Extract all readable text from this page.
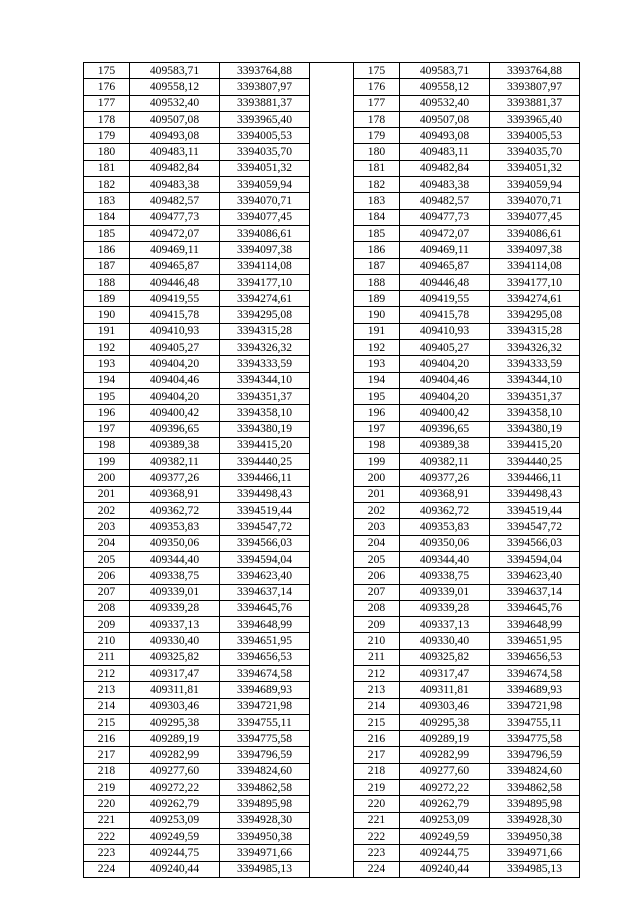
175	409583,71	3393764,88		175	409583,71	3393764,88
176	409558,12	3393807,97		176	409558,12	3393807,97
177	409532,40	3393881,37		177	409532,40	3393881,37
178	409507,08	3393965,40		178	409507,08	3393965,40
179	409493,08	3394005,53		179	409493,08	3394005,53
180	409483,11	3394035,70		180	409483,11	3394035,70
181	409482,84	3394051,32		181	409482,84	3394051,32
182	409483,38	3394059,94		182	409483,38	3394059,94
183	409482,57	3394070,71		183	409482,57	3394070,71
184	409477,73	3394077,45		184	409477,73	3394077,45
185	409472,07	3394086,61		185	409472,07	3394086,61
186	409469,11	3394097,38		186	409469,11	3394097,38
187	409465,87	3394114,08		187	409465,87	3394114,08
188	409446,48	3394177,10		188	409446,48	3394177,10
189	409419,55	3394274,61		189	409419,55	3394274,61
190	409415,78	3394295,08		190	409415,78	3394295,08
191	409410,93	3394315,28		191	409410,93	3394315,28
192	409405,27	3394326,32		192	409405,27	3394326,32
193	409404,20	3394333,59		193	409404,20	3394333,59
194	409404,46	3394344,10		194	409404,46	3394344,10
195	409404,20	3394351,37		195	409404,20	3394351,37
196	409400,42	3394358,10		196	409400,42	3394358,10
197	409396,65	3394380,19		197	409396,65	3394380,19
198	409389,38	3394415,20		198	409389,38	3394415,20
199	409382,11	3394440,25		199	409382,11	3394440,25
200	409377,26	3394466,11		200	409377,26	3394466,11
201	409368,91	3394498,43		201	409368,91	3394498,43
202	409362,72	3394519,44		202	409362,72	3394519,44
203	409353,83	3394547,72		203	409353,83	3394547,72
204	409350,06	3394566,03		204	409350,06	3394566,03
205	409344,40	3394594,04		205	409344,40	3394594,04
206	409338,75	3394623,40		206	409338,75	3394623,40
207	409339,01	3394637,14		207	409339,01	3394637,14
208	409339,28	3394645,76		208	409339,28	3394645,76
209	409337,13	3394648,99		209	409337,13	3394648,99
210	409330,40	3394651,95		210	409330,40	3394651,95
211	409325,82	3394656,53		211	409325,82	3394656,53
212	409317,47	3394674,58		212	409317,47	3394674,58
213	409311,81	3394689,93		213	409311,81	3394689,93
214	409303,46	3394721,98		214	409303,46	3394721,98
215	409295,38	3394755,11		215	409295,38	3394755,11
216	409289,19	3394775,58		216	409289,19	3394775,58
217	409282,99	3394796,59		217	409282,99	3394796,59
218	409277,60	3394824,60		218	409277,60	3394824,60
219	409272,22	3394862,58		219	409272,22	3394862,58
220	409262,79	3394895,98		220	409262,79	3394895,98
221	409253,09	3394928,30		221	409253,09	3394928,30
222	409249,59	3394950,38		222	409249,59	3394950,38
223	409244,75	3394971,66		223	409244,75	3394971,66
224	409240,44	3394985,13		224	409240,44	3394985,13
